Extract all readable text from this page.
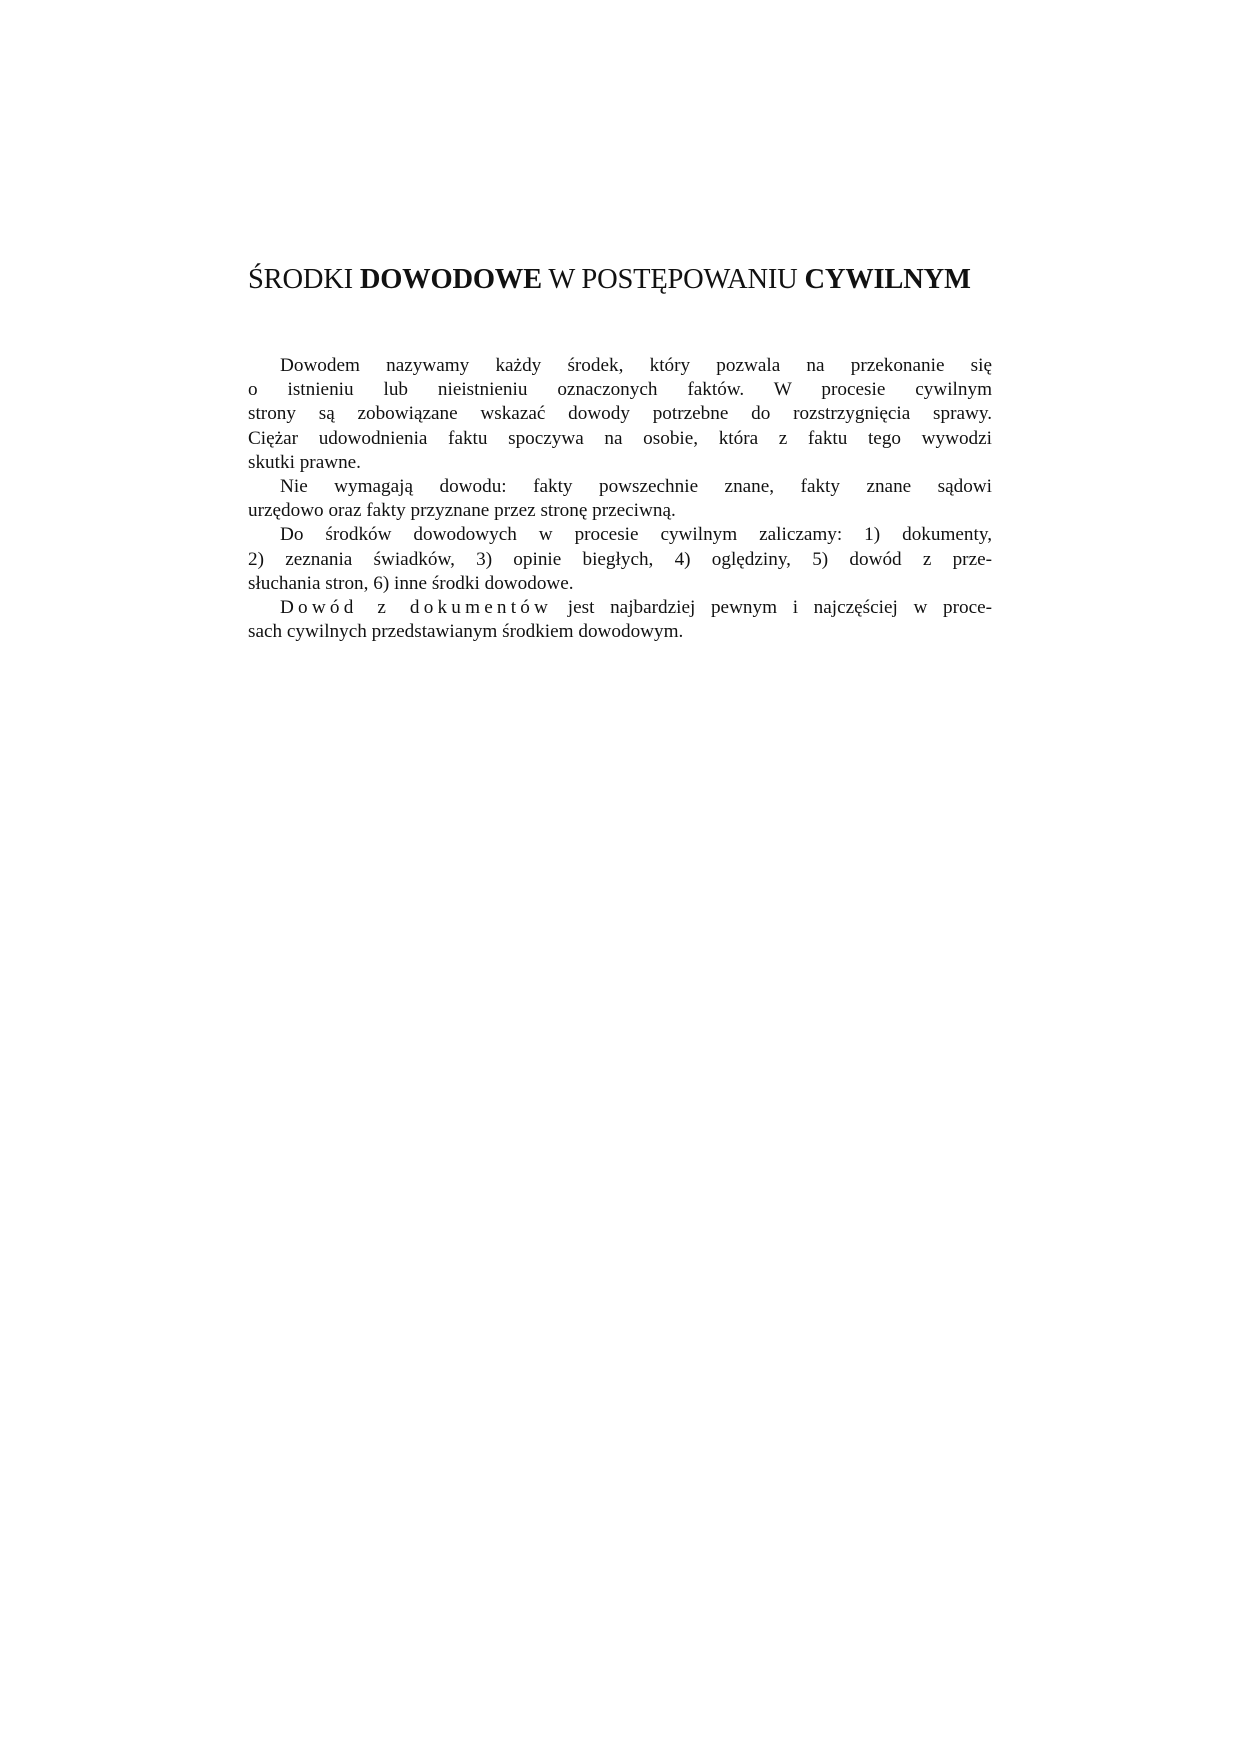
ŚRODKI DOWODOWE W POSTĘPOWANIU CYWILNYM
Dowodem nazywamy każdy środek, który pozwala na przekonanie się
o istnieniu lub nieistnieniu oznaczonych faktów. W procesie cywilnym
strony są zobowiązane wskazać dowody potrzebne do rozstrzygnięcia sprawy.
Ciężar udowodnienia faktu spoczywa na osobie, która z faktu tego wywodzi
skutki prawne.
Nie wymagają dowodu: fakty powszechnie znane, fakty znane sądowi
urzędowo oraz fakty przyznane przez stronę przeciwną.
Do środków dowodowych w procesie cywilnym zaliczamy: 1) dokumenty,
2) zeznania świadków, 3) opinie biegłych, 4) oględziny, 5) dowód z prze-
słuchania stron, 6) inne środki dowodowe.
Dowód z dokumentów jest najbardziej pewnym i najczęściej w proce-
sach cywilnych przedstawianym środkiem dowodowym.
